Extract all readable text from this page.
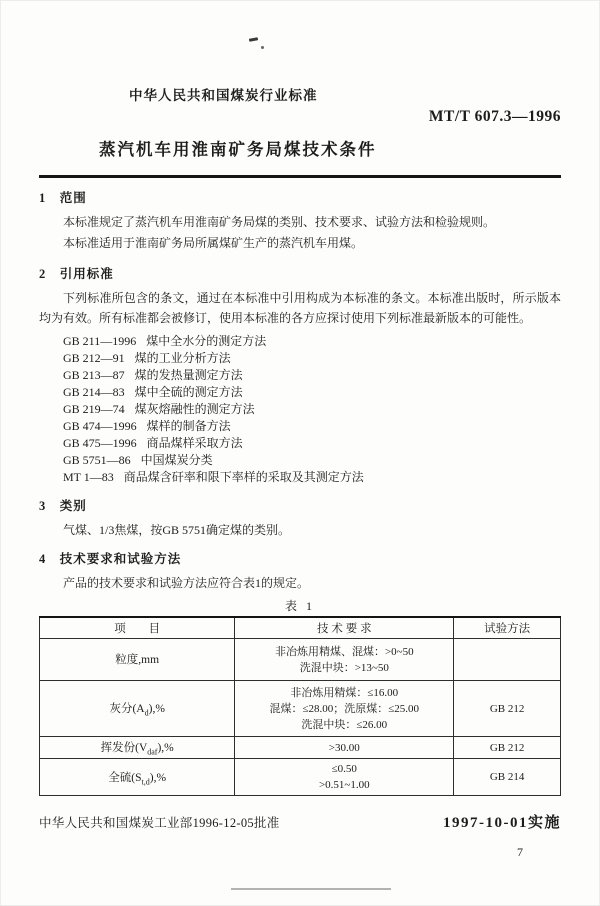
中华人民共和国煤炭行业标准
MT/T 607.3—1996
蒸汽机车用淮南矿务局煤技术条件
1　范围

本标准规定了蒸汽机车用淮南矿务局煤的类别、技术要求、试验方法和检验规则。

本标准适用于淮南矿务局所属煤矿生产的蒸汽机车用煤。

2　引用标准

下列标准所包含的条文，通过在本标准中引用构成为本标准的条文。本标准出版时，所示版本均为有效。所有标准都会被修订，使用本标准的各方应探讨使用下列标准最新版本的可能性。

GB 211—1996 煤中全水分的测定方法
GB 212—91 煤的工业分析方法
GB 213—87 煤的发热量测定方法
GB 214—83 煤中全硫的测定方法
GB 219—74 煤灰熔融性的测定方法
GB 474—1996 煤样的制备方法
GB 475—1996 商品煤样采取方法
GB 5751—86 中国煤炭分类
MT 1—83 商品煤含矸率和限下率样的采取及其测定方法
3　类别

气煤、1/3焦煤，按GB 5751确定煤的类别。

4　技术要求和试验方法

产品的技术要求和试验方法应符合表1的规定。

表 1
项　　目	技 术 要 求	试验方法
粒度,mm	非冶炼用精煤、混煤：>0~50
洗混中块：>13~50	

灰分$(A_d),\%$	非冶炼用精煤：≤16.00
混煤：≤28.00；洗原煤：≤25.00
洗混中块：≤26.00	GB 212
挥发份$(V_{daf}),\%$	>30.00	GB 212
全硫$(S_{t,d}),\%$	≤0.50
>0.51~1.00	GB 214
中华人民共和国煤炭工业部1996-12-05批准	1997-10-01实施
7
